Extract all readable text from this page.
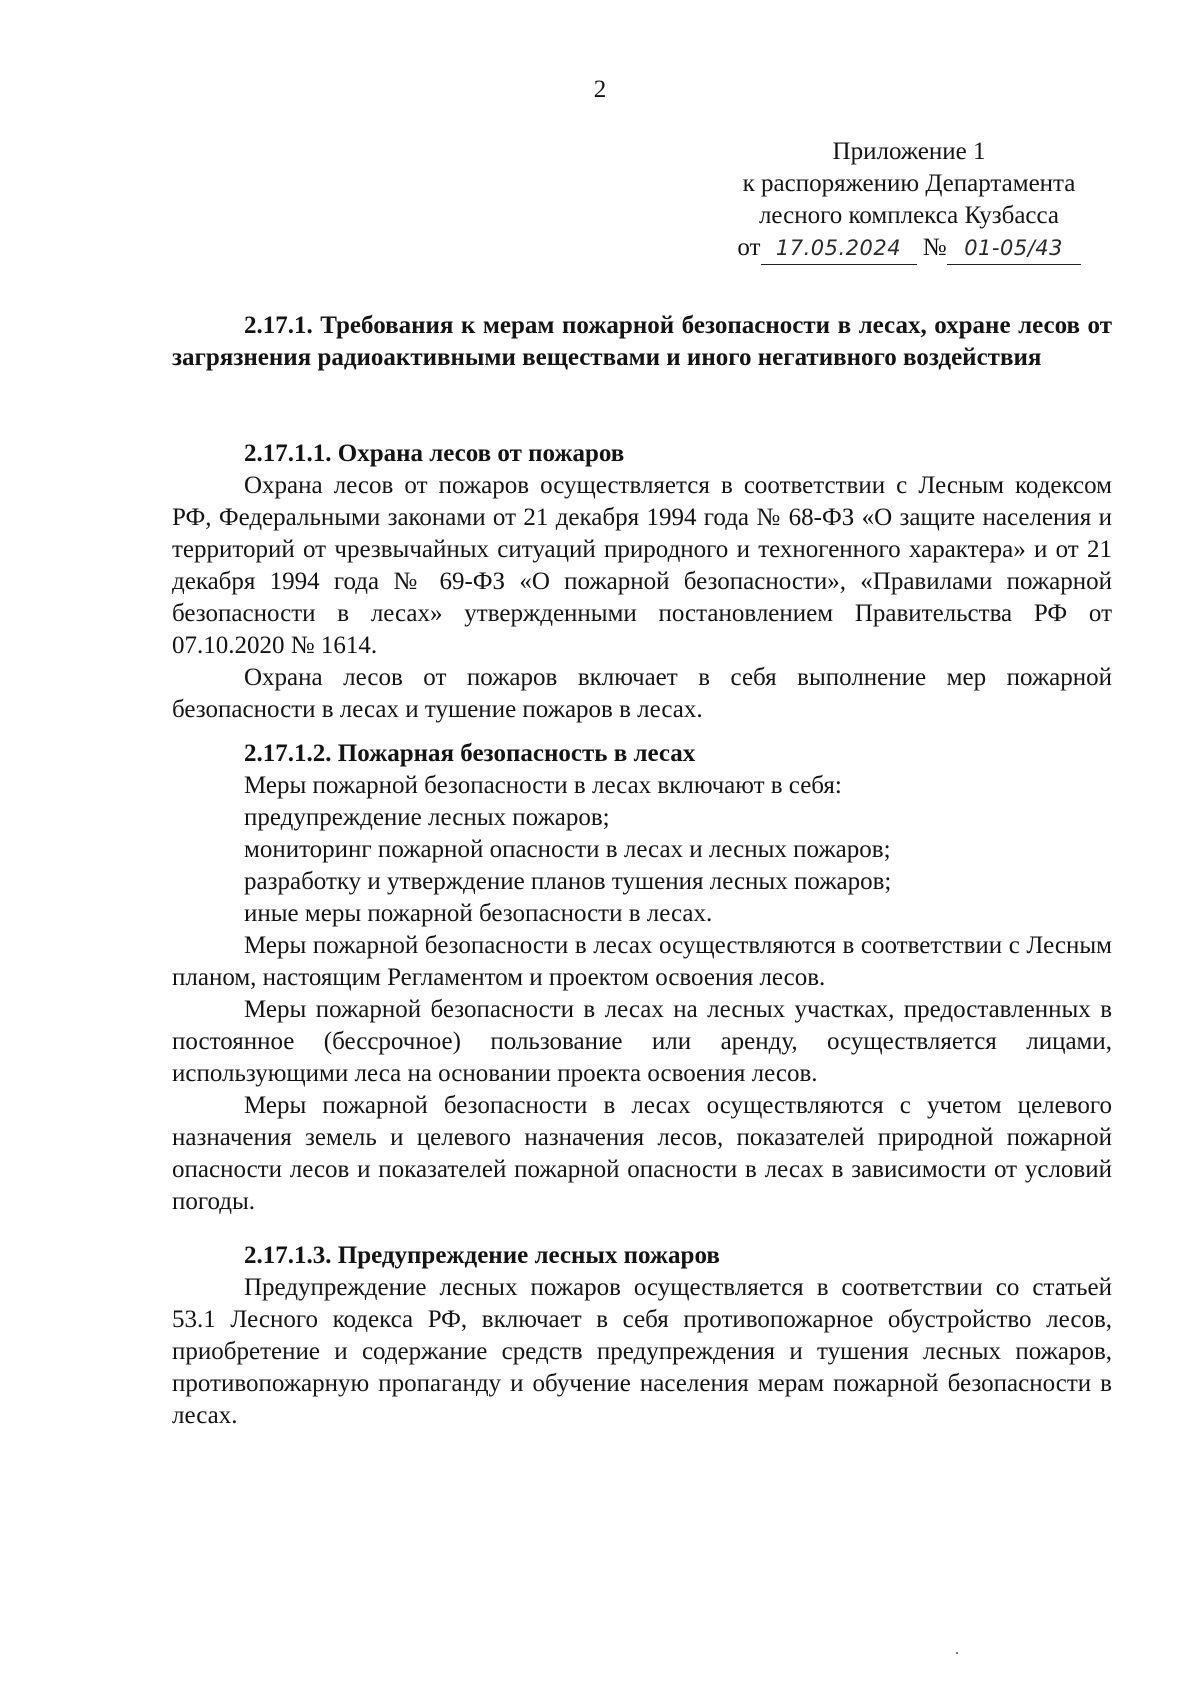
2
Приложение 1
к распоряжению Департамента
лесного комплекса Кузбасса
от 17.05.2024 № 01-05/43

2.17.1. Требования к мерам пожарной безопасности в лесах, охране лесов от загрязнения радиоактивными веществами и иного негативного воздействия

2.17.1.1. Охрана лесов от пожаров

Охрана лесов от пожаров осуществляется в соответствии с Лесным кодексом РФ, Федеральными законами от 21 декабря 1994 года № 68-ФЗ «О защите населения и территорий от чрезвычайных ситуаций природного и техногенного характера» и от 21 декабря 1994 года № 69-ФЗ «О пожарной безопасности», «Правилами пожарной безопасности в лесах» утвержденными постановлением Правительства РФ от 07.10.2020 № 1614.

Охрана лесов от пожаров включает в себя выполнение мер пожарной безопасности в лесах и тушение пожаров в лесах.

2.17.1.2. Пожарная безопасность в лесах

Меры пожарной безопасности в лесах включают в себя:

предупреждение лесных пожаров;

мониторинг пожарной опасности в лесах и лесных пожаров;

разработку и утверждение планов тушения лесных пожаров;

иные меры пожарной безопасности в лесах.

Меры пожарной безопасности в лесах осуществляются в соответствии с Лесным планом, настоящим Регламентом и проектом освоения лесов.

Меры пожарной безопасности в лесах на лесных участках, предоставленных в постоянное (бессрочное) пользование или аренду, осуществляется лицами, использующими леса на основании проекта освоения лесов.

Меры пожарной безопасности в лесах осуществляются с учетом целевого назначения земель и целевого назначения лесов, показателей природной пожарной опасности лесов и показателей пожарной опасности в лесах в зависимости от условий погоды.

2.17.1.3. Предупреждение лесных пожаров

Предупреждение лесных пожаров осуществляется в соответствии со статьей 53.1 Лесного кодекса РФ, включает в себя противопожарное обустройство лесов, приобретение и содержание средств предупреждения и тушения лесных пожаров, противопожарную пропаганду и обучение населения мерам пожарной безопасности в лесах.
